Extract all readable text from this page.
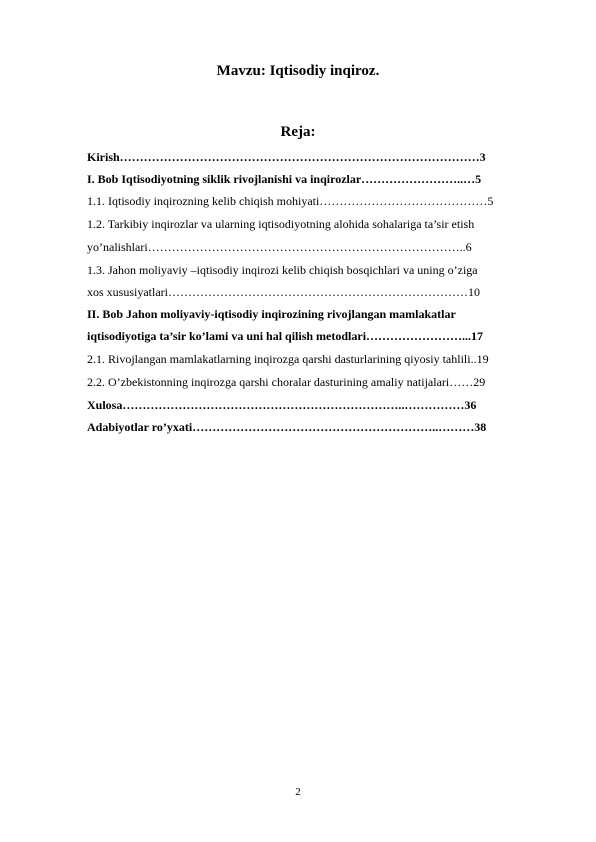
Mavzu: Iqtisodiy inqiroz.
Reja:
Kirish………………………………………………………………………………3
I. Bob Iqtisodiyotning siklik rivojlanishi va inqirozlar……………………..…5
1.1. Iqtisodiy inqirozning kelib chiqish mohiyati……………………………………5
1.2. Tarkibiy inqirozlar va ularning iqtisodiyotning alohida sohalariga ta’sir etish
yo’nalishlari……………………………………………………………………..6
1.3. Jahon moliyaviy –iqtisodiy inqirozi kelib chiqish bosqichlari va uning o’ziga
xos xususiyatlari…………………………………………………………………10
II. Bob Jahon moliyaviy-iqtisodiy inqirozining rivojlangan mamlakatlar
iqtisodiyotiga ta’sir ko’lami va uni hal qilish metodlari……………………...17
2.1. Rivojlangan mamlakatlarning inqirozga qarshi dasturlarining qiyosiy tahlili..19
2.2. O’zbekistonning inqirozga qarshi choralar dasturining amaliy natijalari……29
Xulosa……………………………………………………………..……………36
Adabiyotlar ro’yxati……………………………………………………..………38
2
